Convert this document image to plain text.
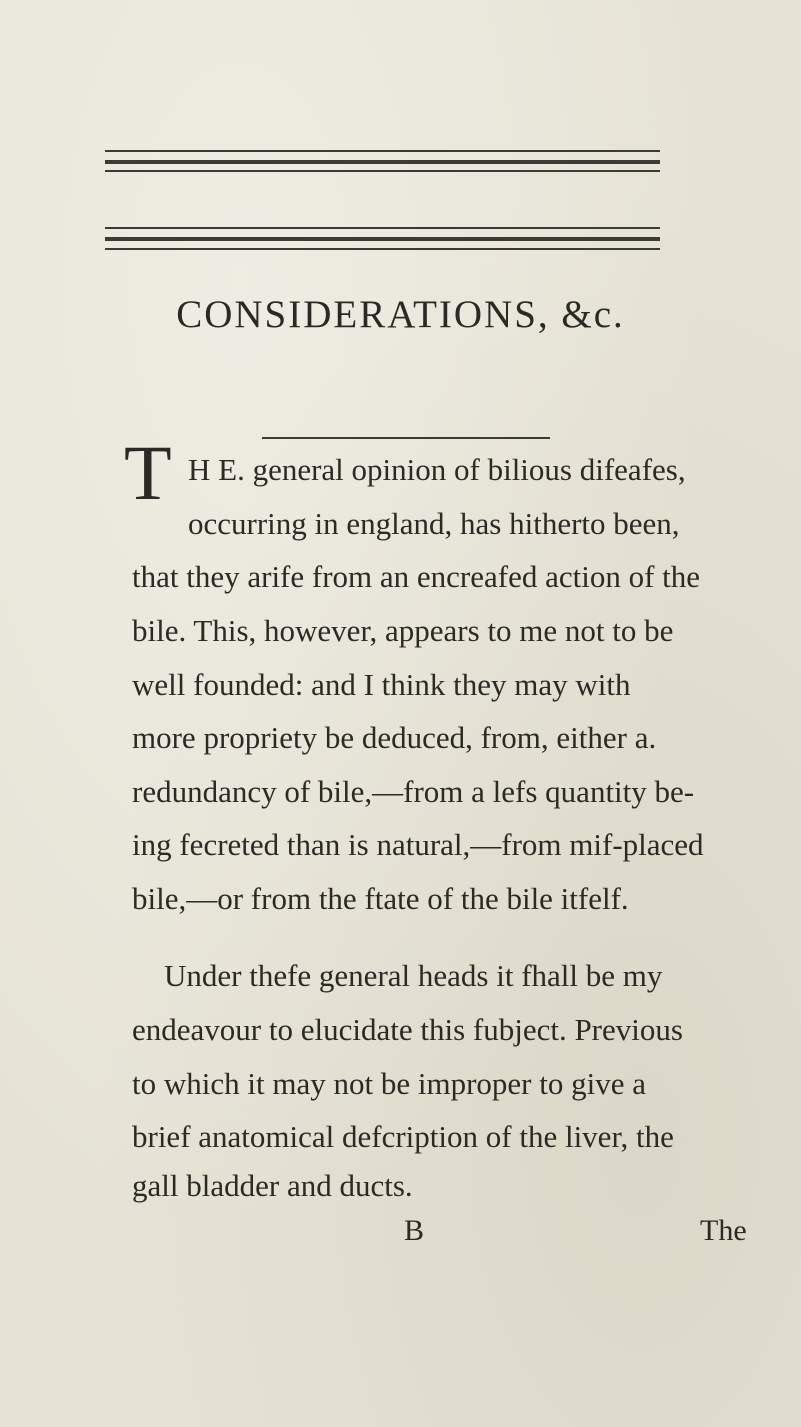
CONSIDERATIONS, &c.
T H E. general opinion of bilious difeafes,
occurring in england, has hitherto been,
that they arife from an encreafed action of the
bile. This, however, appears to me not to be
well founded: and I think they may with
more propriety be deduced, from, either a.
redundancy of bile,—from a lefs quantity be-
ing fecreted than is natural,—from mif-placed
bile,—or from the ftate of the bile itfelf.
Under thefe general heads it fhall be my
endeavour to elucidate this fubject. Previous
to which it may not be improper to give a
brief anatomical defcription of the liver, the
gall bladder and ducts.
B	The
